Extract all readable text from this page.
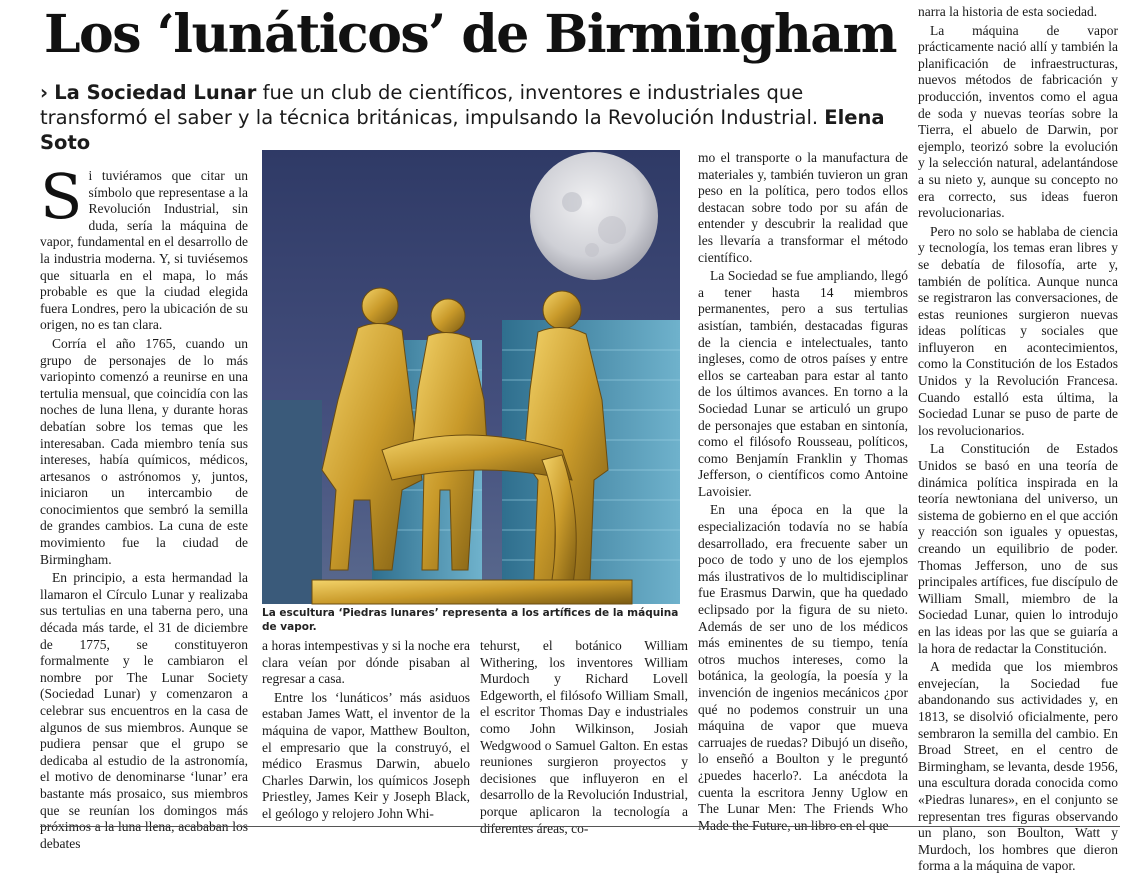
Los ‘lunáticos’ de Birmingham

› La Sociedad Lunar fue un club de científicos, inventores e industriales que transformó el saber y la técnica británicas, impulsando la Revolución Industrial. Elena Soto

Si tuviéramos que citar un símbolo que representase a la Revolución Industrial, sin duda, sería la máquina de vapor, fundamental en el desarrollo de la industria moderna. Y, si tuviésemos que situarla en el mapa, lo más probable es que la ciudad elegida fuera Londres, pero la ubicación de su origen, no es tan clara.

Corría el año 1765, cuando un grupo de personajes de lo más variopinto comenzó a reunirse en una tertulia mensual, que coincidía con las noches de luna llena, y durante horas debatían sobre los temas que les interesaban. Cada miembro tenía sus intereses, había químicos, médicos, artesanos o astrónomos y, juntos, iniciaron un intercambio de conocimientos que sembró la semilla de grandes cambios. La cuna de este movimiento fue la ciudad de Birmingham.

En principio, a esta hermandad la llamaron el Círculo Lunar y realizaba sus tertulias en una taberna pero, una década más tarde, el 31 de diciembre de 1775, se constituyeron formalmente y le cambiaron el nombre por The Lunar Society (Sociedad Lunar) y comenzaron a celebrar sus encuentros en la casa de algunos de sus miembros. Aunque se pudiera pensar que el grupo se dedicaba al estudio de la astronomía, el motivo de denominarse ‘lunar’ era bastante más prosaico, sus miembros que se reunían los domingos más próximos a la luna llena, acababan los debates

La escultura ‘Piedras lunares’ representa a los artífices de la máquina de vapor.

a horas intempestivas y si la noche era clara veían por dónde pisaban al regresar a casa.

Entre los ‘lunáticos’ más asiduos estaban James Watt, el inventor de la máquina de vapor, Matthew Boulton, el empresario que la construyó, el médico Erasmus Darwin, abuelo Charles Darwin, los químicos Joseph Priestley, James Keir y Joseph Black, el geólogo y relojero John Whi-

tehurst, el botánico William Withering, los inventores William Murdoch y Richard Lovell Edgeworth, el filósofo William Small, el escritor Thomas Day e industriales como John Wilkinson, Josiah Wedgwood o Samuel Galton. En estas reuniones surgieron proyectos y decisiones que influyeron en el desarrollo de la Revolución Industrial, porque aplicaron la tecnología a diferentes áreas, co-

mo el transporte o la manufactura de materiales y, también tuvieron un gran peso en la política, pero todos ellos destacan sobre todo por su afán de entender y descubrir la realidad que les llevaría a transformar el método científico.

La Sociedad se fue ampliando, llegó a tener hasta 14 miembros permanentes, pero a sus tertulias asistían, también, destacadas figuras de la ciencia e intelectuales, tanto ingleses, como de otros países y entre ellos se carteaban para estar al tanto de los últimos avances. En torno a la Sociedad Lunar se articuló un grupo de personajes que estaban en sintonía, como el filósofo Rousseau, políticos, como Benjamín Franklin y Thomas Jefferson, o científicos como Antoine Lavoisier.

En una época en la que la especialización todavía no se había desarrollado, era frecuente saber un poco de todo y uno de los ejemplos más ilustrativos de lo multidisciplinar fue Erasmus Darwin, que ha quedado eclipsado por la figura de su nieto. Además de ser uno de los médicos más eminentes de su tiempo, tenía otros muchos intereses, como la botánica, la geología, la poesía y la invención de ingenios mecánicos ¿por qué no podemos construir un una máquina de vapor que mueva carruajes de ruedas? Dibujó un diseño, lo enseñó a Boulton y le preguntó ¿puedes hacerlo?. La anécdota la cuenta la escritora Jenny Uglow en The Lunar Men: The Friends Who Made the Future, un libro en el que

narra la historia de esta sociedad.

La máquina de vapor prácticamente nació allí y también la planificación de infraestructuras, nuevos métodos de fabricación y producción, inventos como el agua de soda y nuevas teorías sobre la Tierra, el abuelo de Darwin, por ejemplo, teorizó sobre la evolución y la selección natural, adelantándose a su nieto y, aunque su concepto no era correcto, sus ideas fueron revolucionarias.

Pero no solo se hablaba de ciencia y tecnología, los temas eran libres y se debatía de filosofía, arte y, también de política. Aunque nunca se registraron las conversaciones, de estas reuniones surgieron nuevas ideas políticas y sociales que influyeron en acontecimientos, como la Constitución de los Estados Unidos y la Revolución Francesa. Cuando estalló esta última, la Sociedad Lunar se puso de parte de los revolucionarios.

La Constitución de Estados Unidos se basó en una teoría de dinámica política inspirada en la teoría newtoniana del universo, un sistema de gobierno en el que acción y reacción son iguales y opuestas, creando un equilibrio de poder. Thomas Jefferson, uno de sus principales artífices, fue discípulo de William Small, miembro de la Sociedad Lunar, quien lo introdujo en las ideas por las que se guiaría a la hora de redactar la Constitución.

A medida que los miembros envejecían, la Sociedad fue abandonando sus actividades y, en 1813, se disolvió oficialmente, pero sembraron la semilla del cambio. En Broad Street, en el centro de Birmingham, se levanta, desde 1956, una escultura dorada conocida como «Piedras lunares», en el conjunto se representan tres figuras observando un plano, son Boulton, Watt y Murdoch, los hombres que dieron forma a la máquina de vapor.
